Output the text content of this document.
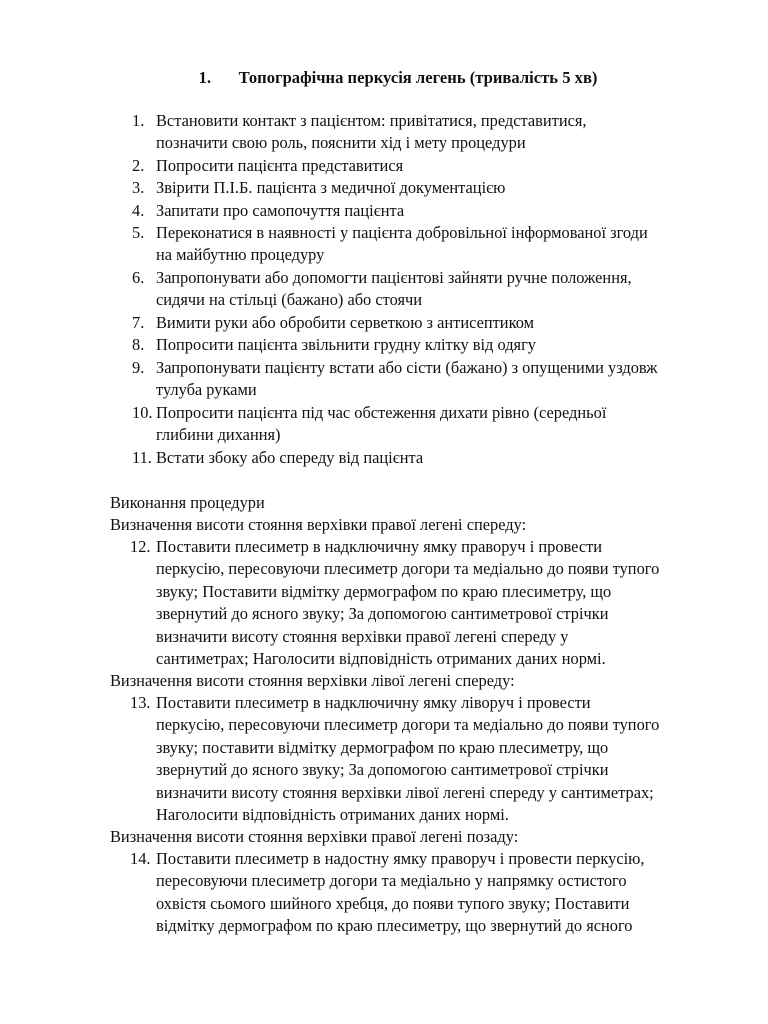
1. Топографічна перкусія легень (тривалість 5 хв)
1. Встановити контакт з пацієнтом: привітатися, представитися,
позначити свою роль, пояснити хід і мету процедури
2. Попросити пацієнта представитися
3. Звірити П.І.Б. пацієнта з медичної документацією
4. Запитати про самопочуття пацієнта
5. Переконатися в наявності у пацієнта добровільної інформованої згоди
на майбутню процедуру
6. Запропонувати або допомогти пацієнтові зайняти ручне положення,
сидячи на стільці (бажано) або стоячи
7. Вимити руки або обробити серветкою з антисептиком
8. Попросити пацієнта звільнити грудну клітку від одягу
9. Запропонувати пацієнту встати або сісти (бажано) з опущеними уздовж
тулуба руками
10. Попросити пацієнта під час обстеження дихати рівно (середньої
глибини дихання)
11. Встати збоку або спереду від пацієнта
Виконання процедури
Визначення висоти стояння верхівки правої легені спереду:
12. Поставити плесиметр в надключичну ямку праворуч і провести
перкусію, пересовуючи плесиметр догори та медіально до появи тупого
звуку; Поставити відмітку дермографом по краю плесиметру, що
звернутий до ясного звуку; За допомогою сантиметрової стрічки
визначити висоту стояння верхівки правої легені спереду у
сантиметрах; Наголосити відповідність отриманих даних нормі.
Визначення висоти стояння верхівки лівої легені спереду:
13. Поставити плесиметр в надключичну ямку ліворуч і провести
перкусію, пересовуючи плесиметр догори та медіально до появи тупого
звуку; поставити відмітку дермографом по краю плесиметру, що
звернутий до ясного звуку; За допомогою сантиметрової стрічки
визначити висоту стояння верхівки лівої легені спереду у сантиметрах;
Наголосити відповідність отриманих даних нормі.
Визначення висоти стояння верхівки правої легені позаду:
14. Поставити плесиметр в надостну ямку праворуч і провести перкусію,
пересовуючи плесиметр догори та медіально у напрямку остистого
охвістя сьомого шийного хребця, до появи тупого звуку; Поставити
відмітку дермографом по краю плесиметру, що звернутий до ясного
